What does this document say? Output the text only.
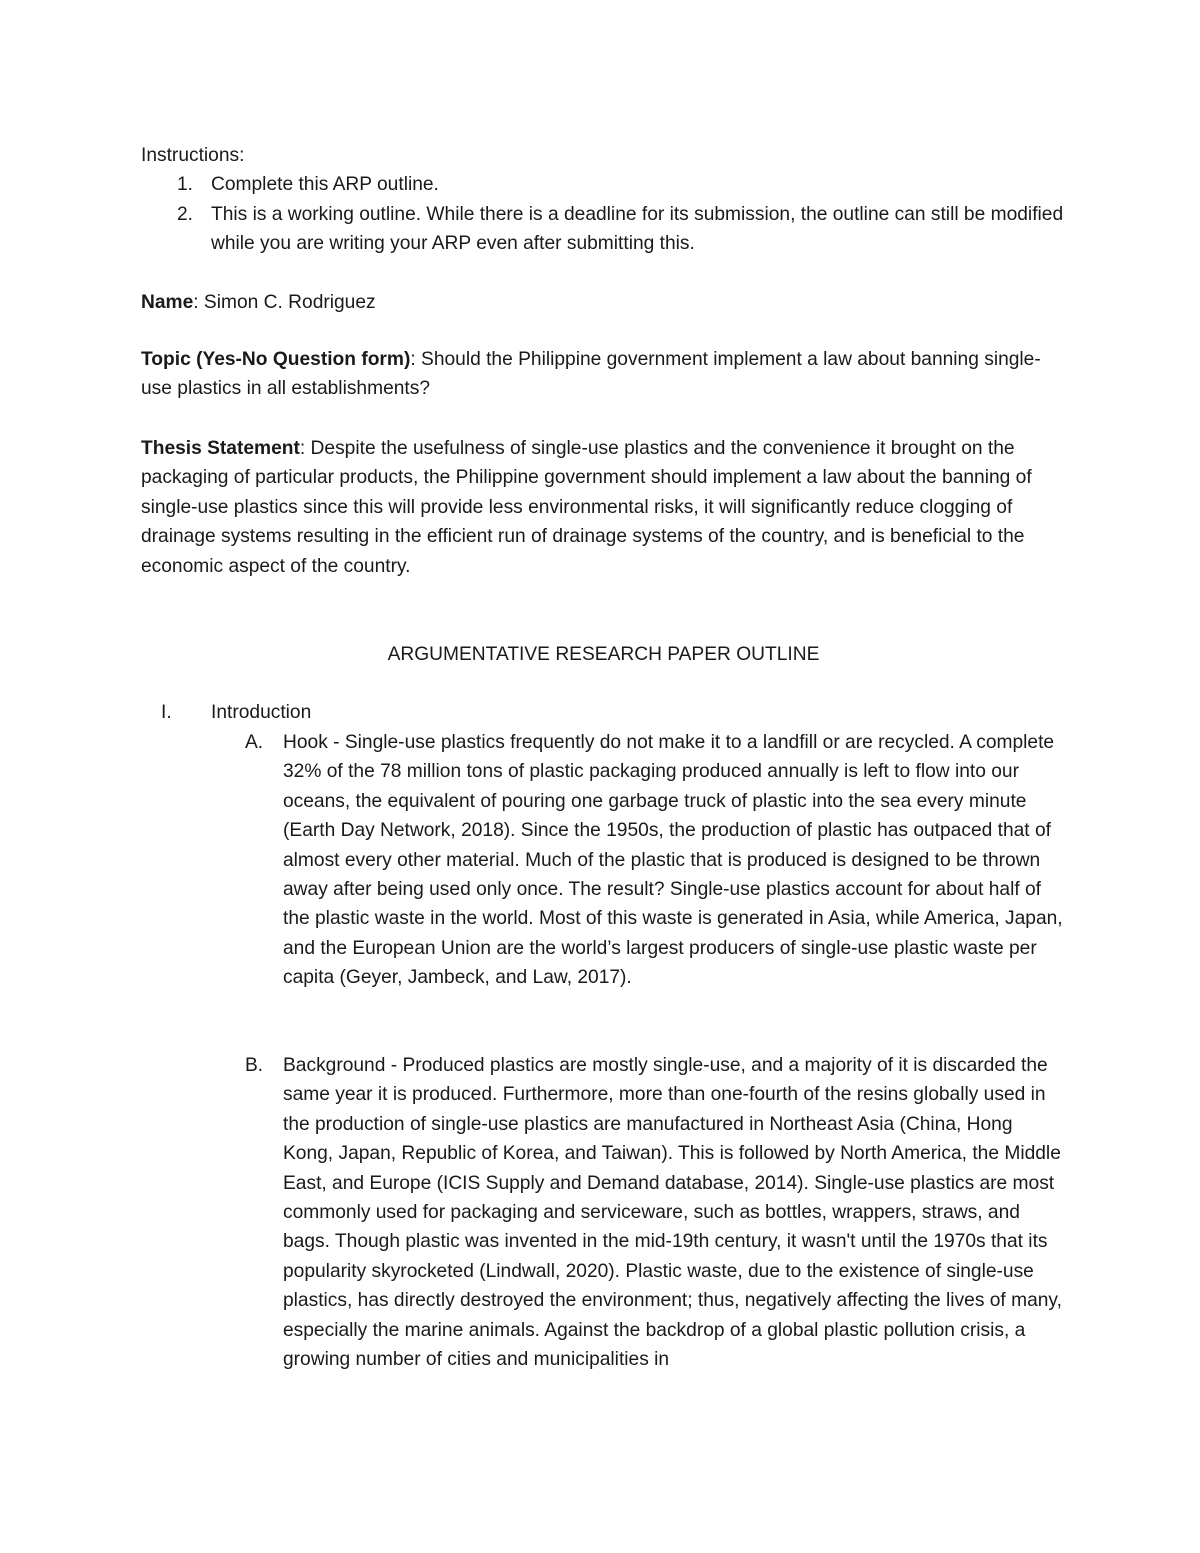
Instructions:
1. Complete this ARP outline.
2. This is a working outline. While there is a deadline for its submission, the outline can still be modified while you are writing your ARP even after submitting this.
Name: Simon C. Rodriguez
Topic (Yes-No Question form): Should the Philippine government implement a law about banning single-use plastics in all establishments?
Thesis Statement: Despite the usefulness of single-use plastics and the convenience it brought on the packaging of particular products, the Philippine government should implement a law about the banning of single-use plastics since this will provide less environmental risks, it will significantly reduce clogging of drainage systems resulting in the efficient run of drainage systems of the country, and is beneficial to the economic aspect of the country.
ARGUMENTATIVE RESEARCH PAPER OUTLINE
I. Introduction
A. Hook - Single-use plastics frequently do not make it to a landfill or are recycled. A complete 32% of the 78 million tons of plastic packaging produced annually is left to flow into our oceans, the equivalent of pouring one garbage truck of plastic into the sea every minute (Earth Day Network, 2018). Since the 1950s, the production of plastic has outpaced that of almost every other material. Much of the plastic that is produced is designed to be thrown away after being used only once. The result? Single-use plastics account for about half of the plastic waste in the world. Most of this waste is generated in Asia, while America, Japan, and the European Union are the world’s largest producers of single-use plastic waste per capita (Geyer, Jambeck, and Law, 2017).
B. Background - Produced plastics are mostly single-use, and a majority of it is discarded the same year it is produced. Furthermore, more than one-fourth of the resins globally used in the production of single-use plastics are manufactured in Northeast Asia (China, Hong Kong, Japan, Republic of Korea, and Taiwan). This is followed by North America, the Middle East, and Europe (ICIS Supply and Demand database, 2014). Single-use plastics are most commonly used for packaging and serviceware, such as bottles, wrappers, straws, and bags. Though plastic was invented in the mid-19th century, it wasn't until the 1970s that its popularity skyrocketed (Lindwall, 2020). Plastic waste, due to the existence of single-use plastics, has directly destroyed the environment; thus, negatively affecting the lives of many, especially the marine animals. Against the backdrop of a global plastic pollution crisis, a growing number of cities and municipalities in
